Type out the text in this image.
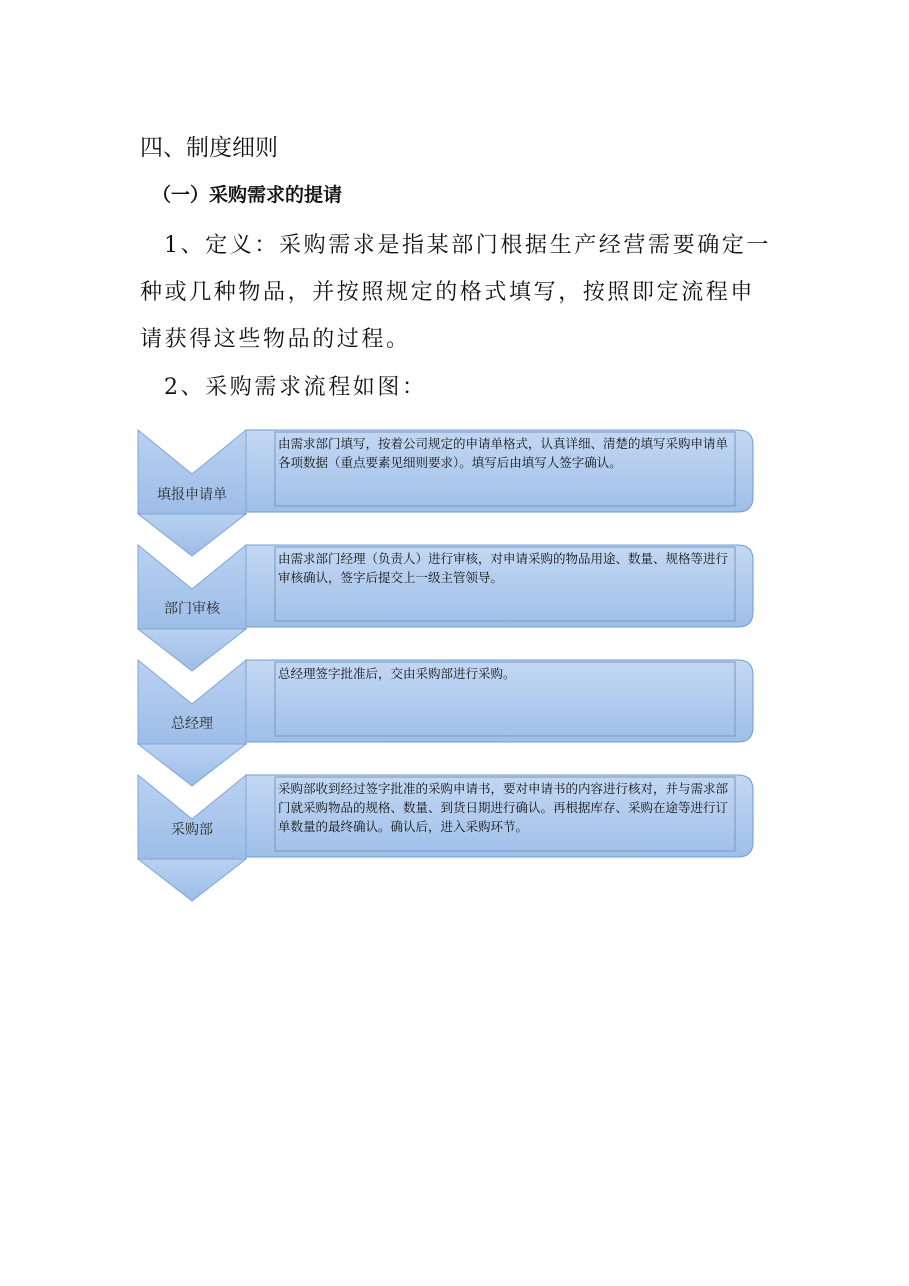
四、制度细则
（一）采购需求的提请

1、定义：采购需求是指某部门根据生产经营需要确定一种或几种物品，并按照规定的格式填写，按照即定流程申请获得这些物品的过程。

2、采购需求流程如图：

填报申请单
由需求部门填写，按着公司规定的申请单格式，认真详细、清楚的填写采购申请单各项数据（重点要素见细则要求）。填写后由填写人签字确认。
部门审核
由需求部门经理（负责人）进行审核，对申请采购的物品用途、数量、规格等进行审核确认，签字后提交上一级主管领导。
总经理
总经理签字批准后，交由采购部进行采购。
采购部
采购部收到经过签字批准的采购申请书，要对申请书的内容进行核对，并与需求部门就采购物品的规格、数量、到货日期进行确认。再根据库存、采购在途等进行订单数量的最终确认。确认后，进入采购环节。
